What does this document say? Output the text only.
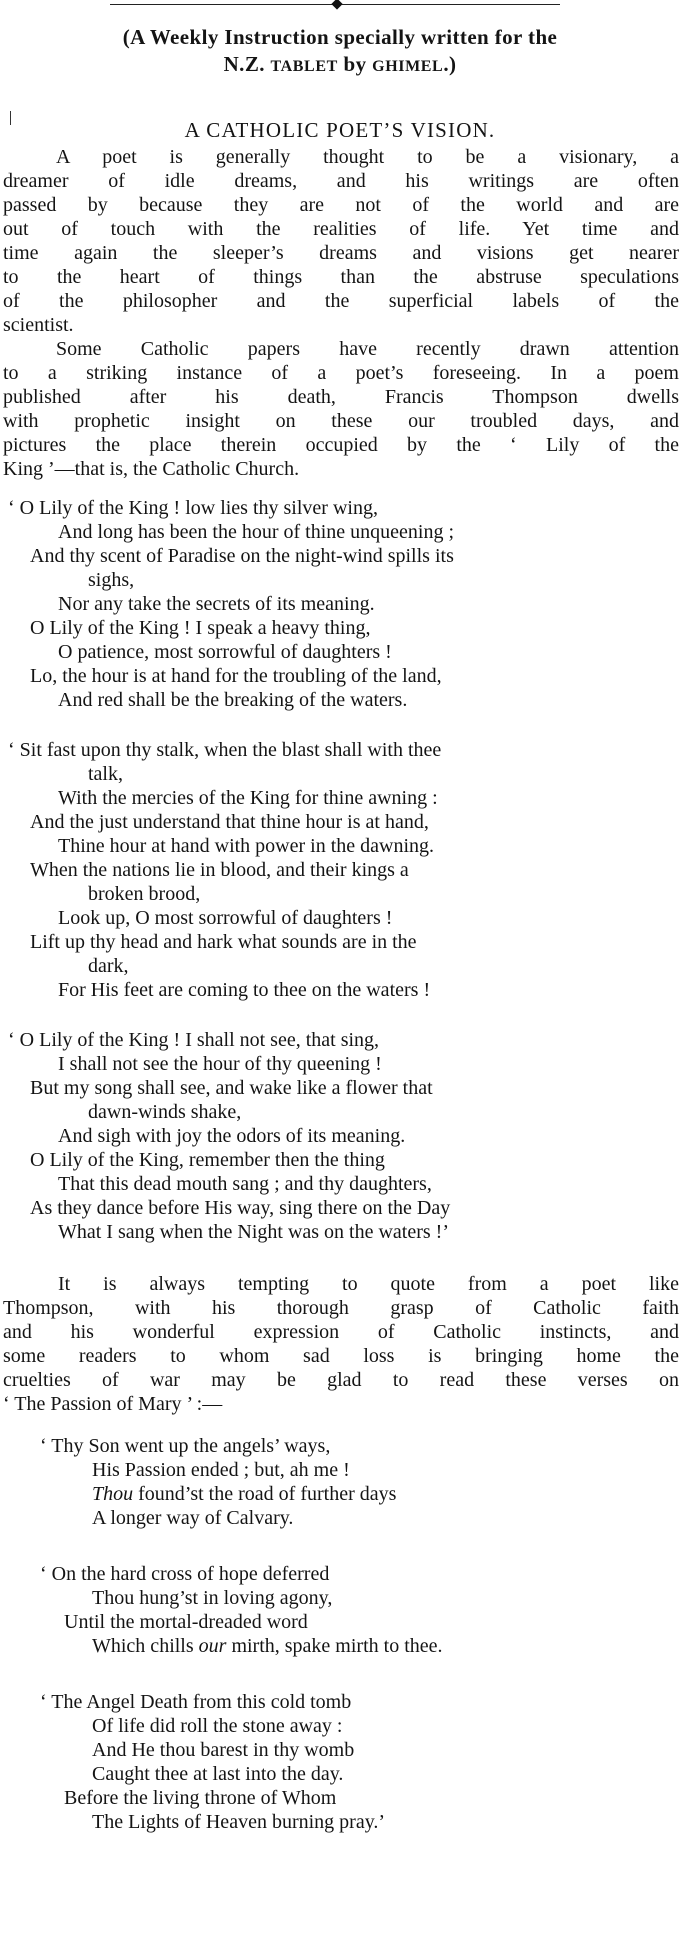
(A Weekly Instruction specially written for the
N.Z. TABLET by GHIMEL.)
A CATHOLIC POET’S VISION.
A poet is generally thought to be a visionary, a
dreamer of idle dreams, and his writings are often
passed by because they are not of the world and are
out of touch with the realities of life. Yet time and
time again the sleeper’s dreams and visions get nearer
to the heart of things than the abstruse speculations
of the philosopher and the superficial labels of the
scientist.
Some Catholic papers have recently drawn attention
to a striking instance of a poet’s foreseeing. In a poem
published after his death, Francis Thompson dwells
with prophetic insight on these our troubled days, and
pictures the place therein occupied by the ‘ Lily of the
King ’—that is, the Catholic Church.
‘ O Lily of the King ! low lies thy silver wing,
And long has been the hour of thine unqueening ;
And thy scent of Paradise on the night-wind spills its
sighs,
Nor any take the secrets of its meaning.
O Lily of the King ! I speak a heavy thing,
O patience, most sorrowful of daughters !
Lo, the hour is at hand for the troubling of the land,
And red shall be the breaking of the waters.
‘ Sit fast upon thy stalk, when the blast shall with thee
talk,
With the mercies of the King for thine awning :
And the just understand that thine hour is at hand,
Thine hour at hand with power in the dawning.
When the nations lie in blood, and their kings a
broken brood,
Look up, O most sorrowful of daughters !
Lift up thy head and hark what sounds are in the
dark,
For His feet are coming to thee on the waters !
‘ O Lily of the King ! I shall not see, that sing,
I shall not see the hour of thy queening !
But my song shall see, and wake like a flower that
dawn-winds shake,
And sigh with joy the odors of its meaning.
O Lily of the King, remember then the thing
That this dead mouth sang ; and thy daughters,
As they dance before His way, sing there on the Day
What I sang when the Night was on the waters !’
It is always tempting to quote from a poet like
Thompson, with his thorough grasp of Catholic faith
and his wonderful expression of Catholic instincts, and
some readers to whom sad loss is bringing home the
cruelties of war may be glad to read these verses on
‘ The Passion of Mary ’ :—
‘ Thy Son went up the angels’ ways,
His Passion ended ; but, ah me !
Thou found’st the road of further days
A longer way of Calvary.
‘ On the hard cross of hope deferred
Thou hung’st in loving agony,
Until the mortal-dreaded word
Which chills our mirth, spake mirth to thee.
‘ The Angel Death from this cold tomb
Of life did roll the stone away :
And He thou barest in thy womb
Caught thee at last into the day.
Before the living throne of Whom
The Lights of Heaven burning pray.’
